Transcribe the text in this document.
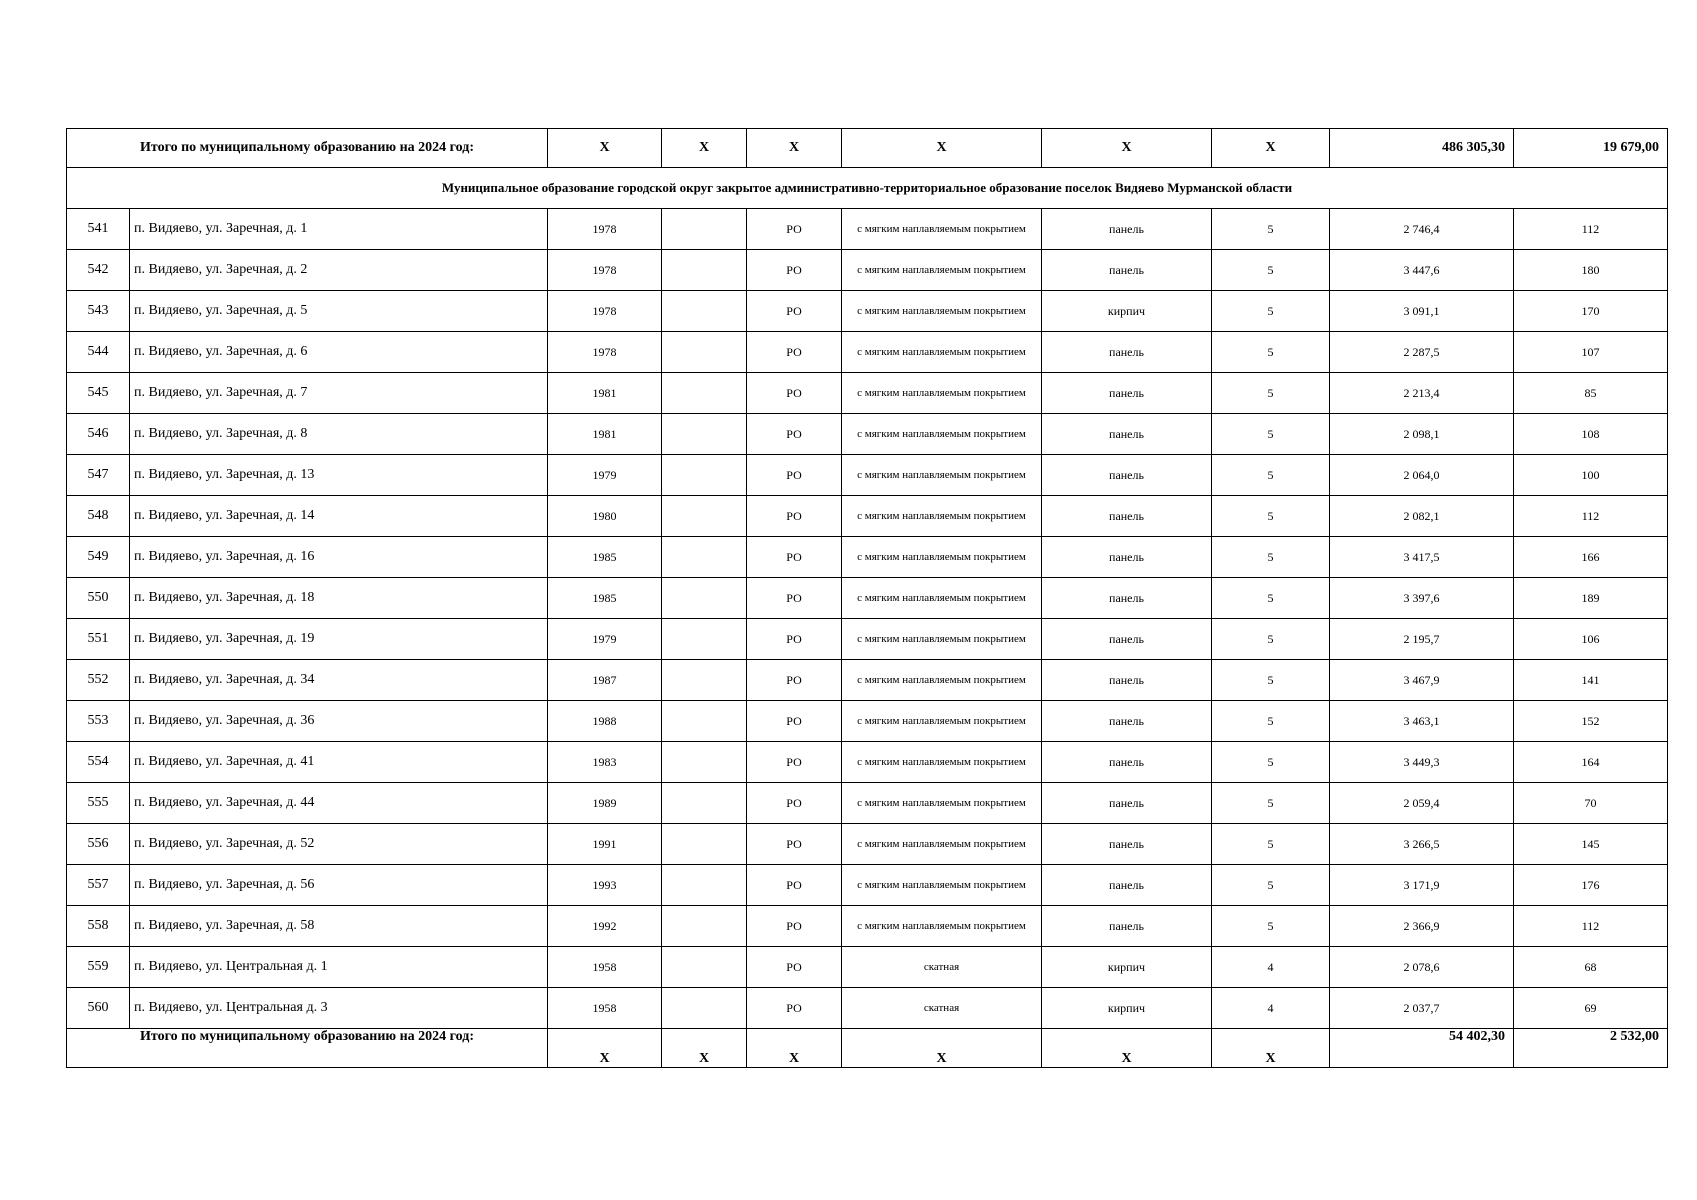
Итого по муниципальному образованию на 2024 год:		X	X	X	X	X	X	486 305,30	19 679,00
Муниципальное образование городской округ закрытое административно-территориальное образование поселок Видяево Мурманской области									
541	п. Видяево, ул. Заречная, д. 1	1978		РО	с мягким наплавляемым покрытием	панель	5	2 746,4	112
542	п. Видяево, ул. Заречная, д. 2	1978		РО	с мягким наплавляемым покрытием	панель	5	3 447,6	180
543	п. Видяево, ул. Заречная, д. 5	1978		РО	с мягким наплавляемым покрытием	кирпич	5	3 091,1	170
544	п. Видяево, ул. Заречная, д. 6	1978		РО	с мягким наплавляемым покрытием	панель	5	2 287,5	107
545	п. Видяево, ул. Заречная, д. 7	1981		РО	с мягким наплавляемым покрытием	панель	5	2 213,4	85
546	п. Видяево, ул. Заречная, д. 8	1981		РО	с мягким наплавляемым покрытием	панель	5	2 098,1	108
547	п. Видяево, ул. Заречная, д. 13	1979		РО	с мягким наплавляемым покрытием	панель	5	2 064,0	100
548	п. Видяево, ул. Заречная, д. 14	1980		РО	с мягким наплавляемым покрытием	панель	5	2 082,1	112
549	п. Видяево, ул. Заречная, д. 16	1985		РО	с мягким наплавляемым покрытием	панель	5	3 417,5	166
550	п. Видяево, ул. Заречная, д. 18	1985		РО	с мягким наплавляемым покрытием	панель	5	3 397,6	189
551	п. Видяево, ул. Заречная, д. 19	1979		РО	с мягким наплавляемым покрытием	панель	5	2 195,7	106
552	п. Видяево, ул. Заречная, д. 34	1987		РО	с мягким наплавляемым покрытием	панель	5	3 467,9	141
553	п. Видяево, ул. Заречная, д. 36	1988		РО	с мягким наплавляемым покрытием	панель	5	3 463,1	152
554	п. Видяево, ул. Заречная, д. 41	1983		РО	с мягким наплавляемым покрытием	панель	5	3 449,3	164
555	п. Видяево, ул. Заречная, д. 44	1989		РО	с мягким наплавляемым покрытием	панель	5	2 059,4	70
556	п. Видяево, ул. Заречная, д. 52	1991		РО	с мягким наплавляемым покрытием	панель	5	3 266,5	145
557	п. Видяево, ул. Заречная, д. 56	1993		РО	с мягким наплавляемым покрытием	панель	5	3 171,9	176
558	п. Видяево, ул. Заречная, д. 58	1992		РО	с мягким наплавляемым покрытием	панель	5	2 366,9	112
559	п. Видяево, ул. Центральная д. 1	1958		РО	скатная	кирпич	4	2 078,6	68
560	п. Видяево, ул. Центральная д. 3	1958		РО	скатная	кирпич	4	2 037,7	69
Итого по муниципальному образованию на 2024 год:		X	X	X	X	X	X	54 402,30	2 532,00
